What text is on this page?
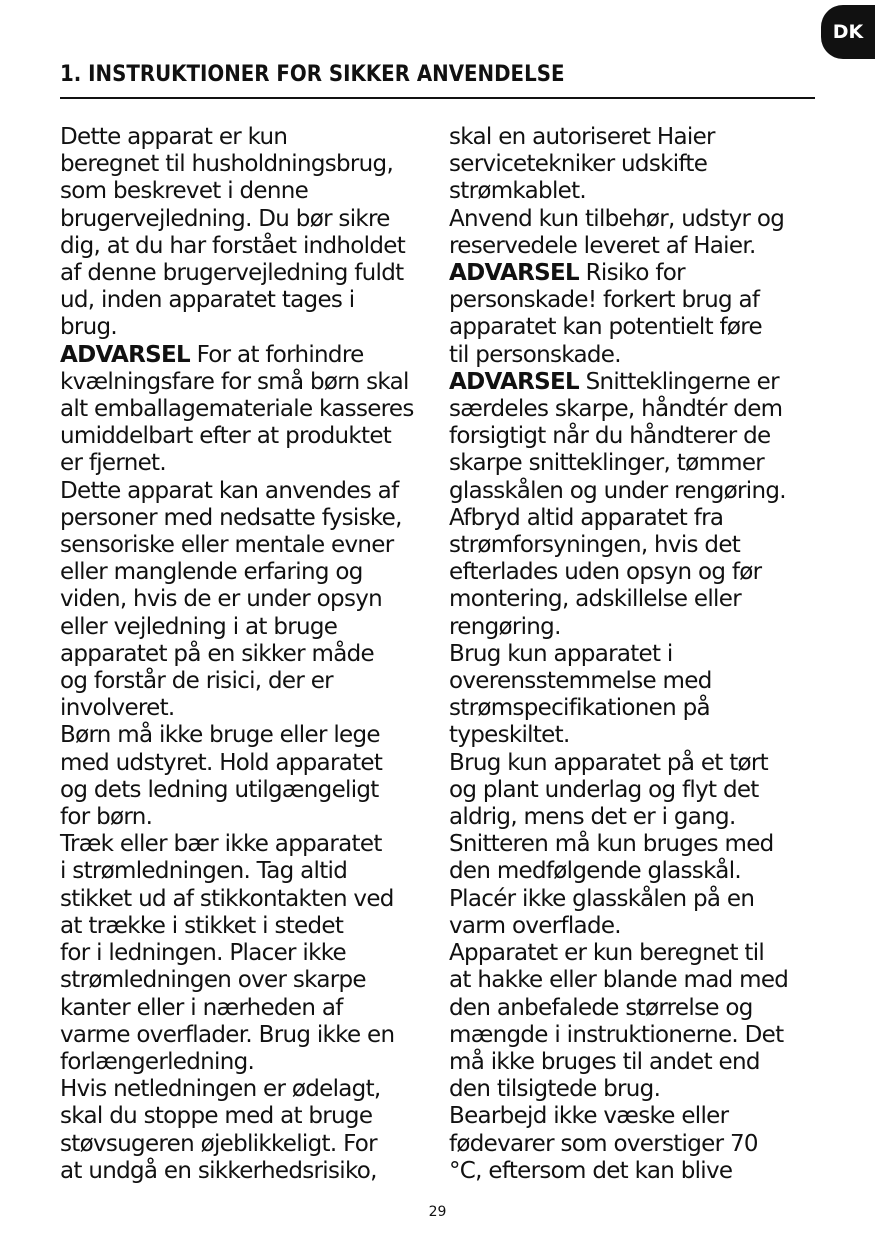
DK
1. INSTRUKTIONER FOR SIKKER ANVENDELSE

Dette apparat er kun
beregnet til husholdningsbrug,
som beskrevet i denne
brugervejledning. Du bør sikre
dig, at du har forstået indholdet
af denne brugervejledning fuldt
ud, inden apparatet tages i
brug.

ADVARSEL For at forhindre
kvælningsfare for små børn skal
alt emballagemateriale kasseres
umiddelbart efter at produktet
er fjernet.

Dette apparat kan anvendes af
personer med nedsatte fysiske,
sensoriske eller mentale evner
eller manglende erfaring og
viden, hvis de er under opsyn
eller vejledning i at bruge
apparatet på en sikker måde
og forstår de risici, der er
involveret.

Børn må ikke bruge eller lege
med udstyret. Hold apparatet
og dets ledning utilgængeligt
for børn.

Træk eller bær ikke apparatet
i strømledningen. Tag altid
stikket ud af stikkontakten ved
at trække i stikket i stedet
for i ledningen. Placer ikke
strømledningen over skarpe
kanter eller i nærheden af
varme overflader. Brug ikke en
forlængerledning.

Hvis netledningen er ødelagt,
skal du stoppe med at bruge
støvsugeren øjeblikkeligt. For
at undgå en sikkerhedsrisiko,

skal en autoriseret Haier
servicetekniker udskifte
strømkablet.

Anvend kun tilbehør, udstyr og
reservedele leveret af Haier.

ADVARSEL Risiko for
personskade! forkert brug af
apparatet kan potentielt føre
til personskade.

ADVARSEL Snitteklingerne er
særdeles skarpe, håndtér dem
forsigtigt når du håndterer de
skarpe snitteklinger, tømmer
glasskålen og under rengøring.

Afbryd altid apparatet fra
strømforsyningen, hvis det
efterlades uden opsyn og før
montering, adskillelse eller
rengøring.

Brug kun apparatet i
overensstemmelse med
strømspecifikationen på
typeskiltet.

Brug kun apparatet på et tørt
og plant underlag og flyt det
aldrig, mens det er i gang.

Snitteren må kun bruges med
den medfølgende glasskål.

Placér ikke glasskålen på en
varm overflade.

Apparatet er kun beregnet til
at hakke eller blande mad med
den anbefalede størrelse og
mængde i instruktionerne. Det
må ikke bruges til andet end
den tilsigtede brug.

Bearbejd ikke væske eller
fødevarer som overstiger 70
°C, eftersom det kan blive

29
